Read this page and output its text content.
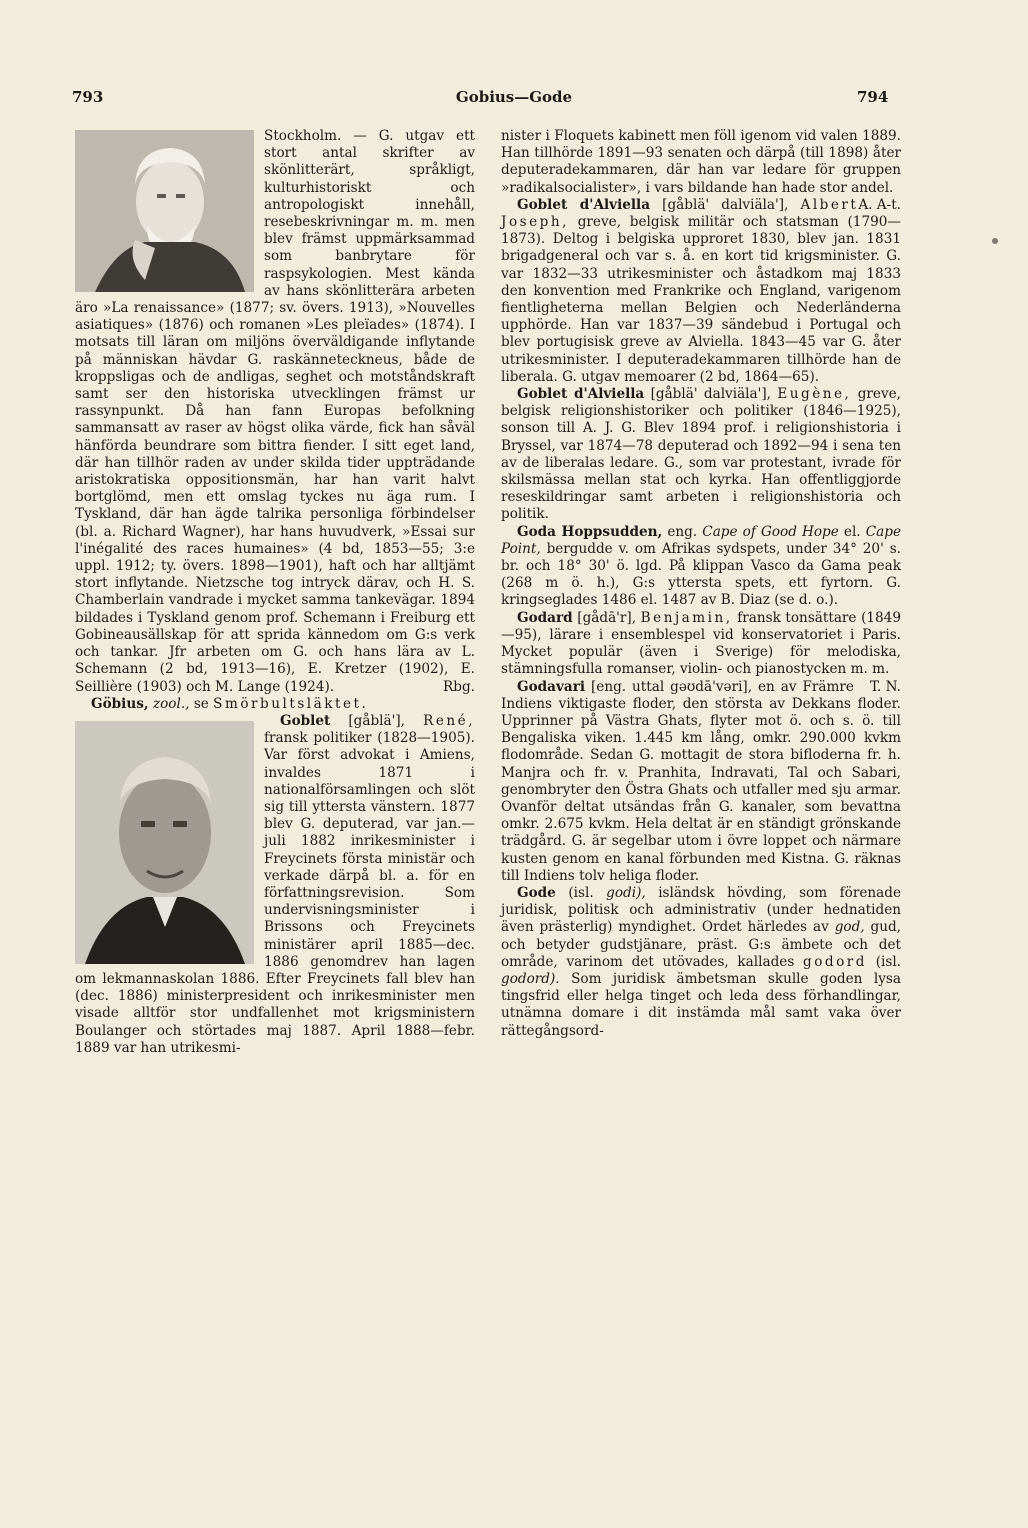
793	Gobius—Gode	794

Stockholm. — G. utgav ett stort antal skrifter av skönlitterärt, språkligt, kulturhistoriskt och antropologiskt innehåll, resebeskrivningar m. m. men blev främst uppmärksammad som banbrytare för raspsykologien. Mest kända av hans skönlitterära arbeten äro »La renaissance» (1877; sv. övers. 1913), »Nouvelles asiatiques» (1876) och romanen »Les pleïades» (1874). I motsats till läran om miljöns överväldigande inflytande på människan hävdar G. raskänneteckneus, både de kroppsligas och de andligas, seghet och motståndskraft samt ser den historiska utvecklingen främst ur rassynpunkt. Då han fann Europas befolkning sammansatt av raser av högst olika värde, fick han såväl hänförda beundrare som bittra fiender. I sitt eget land, där han tillhör raden av under skilda tider uppträdande aristokratiska oppositionsmän, har han varit halvt bortglömd, men ett omslag tyckes nu äga rum. I Tyskland, där han ägde talrika personliga förbindelser (bl. a. Richard Wagner), har hans huvudverk, »Essai sur l'inégalité des races humaines» (4 bd, 1853—55; 3:e uppl. 1912; ty. övers. 1898—1901), haft och har alltjämt stort inflytande. Nietzsche tog intryck därav, och H. S. Chamberlain vandrade i mycket samma tankevägar. 1894 bildades i Tyskland genom prof. Schemann i Freiburg ett Gobineausällskap för att sprida kännedom om G:s verk och tankar. Jfr arbeten om G. och hans lära av L. Schemann (2 bd, 1913—16), E. Kretzer (1902), E. Seillière (1903) och M. Lange (1924).	Rbg.

Göbius, zool., se Smörbultsläktet.

Goblet [gåblä'], René,
fransk politiker (1828—1905). Var först advokat i Amiens, invaldes 1871 i nationalförsamlingen och slöt sig till yttersta vänstern. 1877 blev G. deputerad, var jan.—juli 1882 inrikesminister i Freycinets första ministär och verkade därpå bl. a. för en författningsrevision. Som undervisningsminister i Brissons och Freycinets ministärer april 1885—dec. 1886 genomdrev han lagen om lekmannaskolan 1886. Efter Freycinets fall blev han (dec. 1886) ministerpresident och inrikesminister men visade alltför stor undfallenhet mot krigsministern Boulanger och störtades maj 1887. April 1888—febr. 1889 var han utrikesmi-

nister i Floquets kabinett men föll igenom vid valen 1889. Han tillhörde 1891—93 senaten och därpå (till 1898) åter deputeradekammaren, där han var ledare för gruppen »radikalsocialister», i vars bildande han hade stor andel.
A. A-t.

Goblet d'Alviella [gåblä' dalviäla'], Albert Joseph, greve, belgisk militär och statsman (1790—1873). Deltog i belgiska upproret 1830, blev jan. 1831 brigadgeneral och var s. å. en kort tid krigsminister. G. var 1832—33 utrikesminister och åstadkom maj 1833 den konvention med Frankrike och England, varigenom fientligheterna mellan Belgien och Nederländerna upphörde. Han var 1837—39 sändebud i Portugal och blev portugisisk greve av Alviella. 1843—45 var G. åter utrikesminister. I deputeradekammaren tillhörde han de liberala. G. utgav memoarer (2 bd, 1864—65).

Goblet d'Alviella [gåblä' dalviäla'], Eugène, greve, belgisk religionshistoriker och politiker (1846—1925), sonson till A. J. G. Blev 1894 prof. i religionshistoria i Bryssel, var 1874—78 deputerad och 1892—94 i sena ten av de liberalas ledare. G., som var protestant, ivrade för skilsmässa mellan stat och kyrka. Han offentliggjorde reseskildringar samt arbeten i religionshistoria och politik.

Goda Hoppsudden, eng. Cape of Good Hope el. Cape Point, bergudde v. om Afrikas sydspets, under 34° 20' s. br. och 18° 30' ö. lgd. På klippan Vasco da Gama peak (268 m ö. h.), G:s yttersta spets, ett fyrtorn. G. kringseglades 1486 el. 1487 av B. Diaz (se d. o.).

Godard [gådā'r], Benjamin, fransk tonsättare (1849—95), lärare i ensemblespel vid konservatoriet i Paris. Mycket populär (även i Sverige) för melodiska, stämningsfulla romanser, violin- och pianostycken m. m.
T. N.

Godavari [eng. uttal gǝʊdā'vǝri], en av Främre Indiens viktigaste floder, den största av Dekkans floder. Upprinner på Västra Ghats, flyter mot ö. och s. ö. till Bengaliska viken. 1.445 km lång, omkr. 290.000 kvkm flodområde. Sedan G. mottagit de stora bifloderna fr. h. Manjra och fr. v. Pranhita, Indravati, Tal och Sabari, genombryter den Östra Ghats och utfaller med sju armar. Ovanför deltat utsändas från G. kanaler, som bevattna omkr. 2.675 kvkm. Hela deltat är en ständigt grönskande trädgård. G. är segelbar utom i övre loppet och närmare kusten genom en kanal förbunden med Kistna. G. räknas till Indiens tolv heliga floder.

Gode (isl. godi), isländsk hövding, som förenade juridisk, politisk och administrativ (under hednatiden även prästerlig) myndighet. Ordet härledes av god, gud, och betyder gudstjänare, präst. G:s ämbete och det område, varinom det utövades, kallades godord (isl. godord). Som juridisk ämbetsman skulle goden lysa tingsfrid eller helga tinget och leda dess förhandlingar, utnämna domare i dit instämda mål samt vaka över rättegångsord-
